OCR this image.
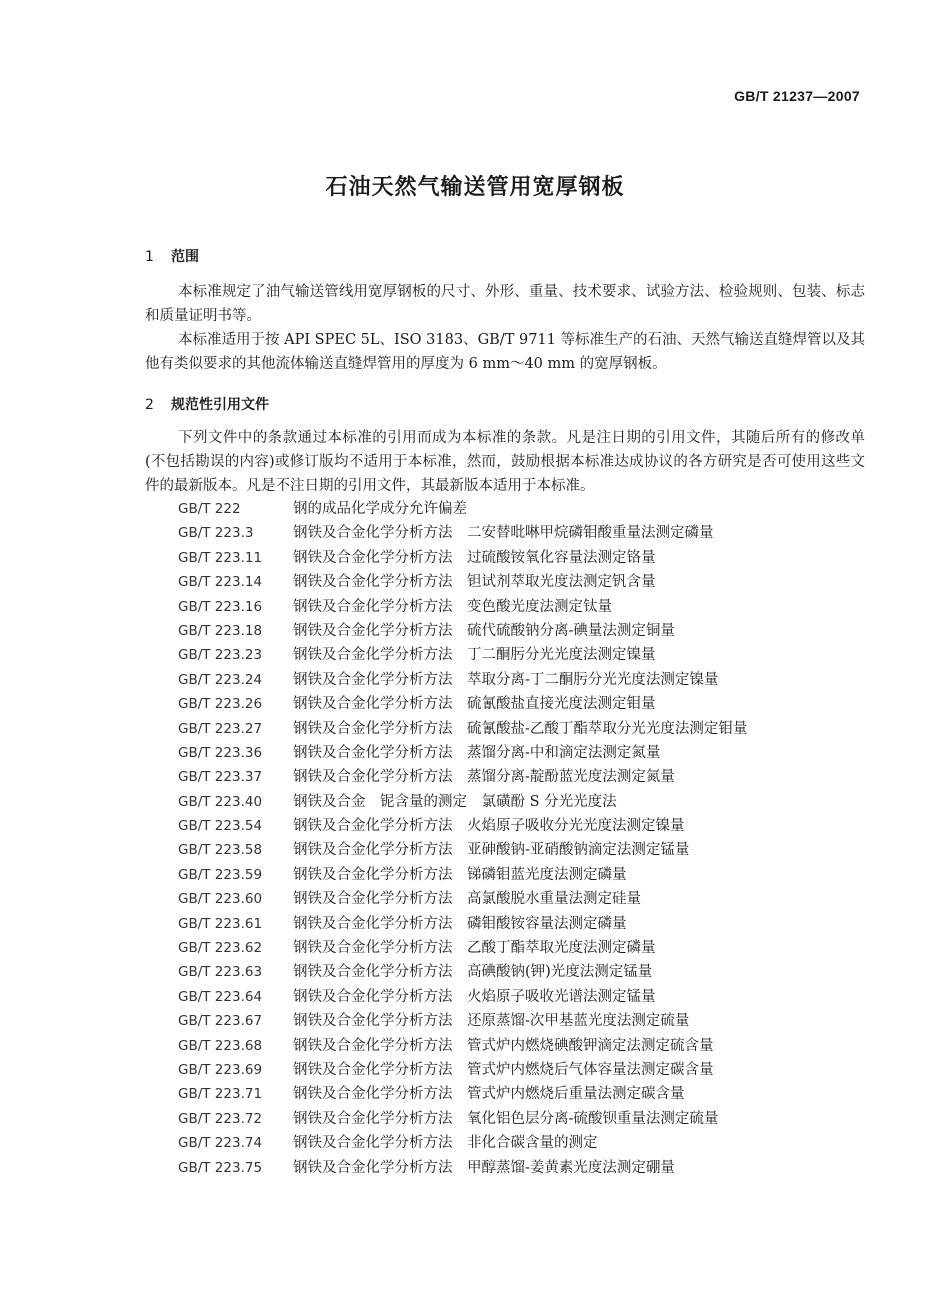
GB/T 21237—2007
石油天然气输送管用宽厚钢板
1 范围
本标准规定了油气输送管线用宽厚钢板的尺寸、外形、重量、技术要求、试验方法、检验规则、包装、标志和质量证明书等。
本标准适用于按 API SPEC 5L、ISO 3183、GB/T 9711 等标准生产的石油、天然气输送直缝焊管以及其他有类似要求的其他流体输送直缝焊管用的厚度为 6 mm～40 mm 的宽厚钢板。
2 规范性引用文件
下列文件中的条款通过本标准的引用而成为本标准的条款。凡是注日期的引用文件，其随后所有的修改单(不包括勘误的内容)或修订版均不适用于本标准，然而，鼓励根据本标准达成协议的各方研究是否可使用这些文件的最新版本。凡是不注日期的引用文件，其最新版本适用于本标准。
GB/T 222	钢的成品化学成分允许偏差
GB/T 223.3	钢铁及合金化学分析方法　二安替吡啉甲烷磷钼酸重量法测定磷量
GB/T 223.11 钢铁及合金化学分析方法　过硫酸铵氧化容量法测定铬量
GB/T 223.14 钢铁及合金化学分析方法　钽试剂萃取光度法测定钒含量
GB/T 223.16 钢铁及合金化学分析方法　变色酸光度法测定钛量
GB/T 223.18 钢铁及合金化学分析方法　硫代硫酸钠分离-碘量法测定铜量
GB/T 223.23 钢铁及合金化学分析方法　丁二酮肟分光光度法测定镍量
GB/T 223.24 钢铁及合金化学分析方法　萃取分离-丁二酮肟分光光度法测定镍量
GB/T 223.26 钢铁及合金化学分析方法　硫氰酸盐直接光度法测定钼量
GB/T 223.27 钢铁及合金化学分析方法　硫氰酸盐-乙酸丁酯萃取分光光度法测定钼量
GB/T 223.36 钢铁及合金化学分析方法　蒸馏分离-中和滴定法测定氮量
GB/T 223.37 钢铁及合金化学分析方法　蒸馏分离-靛酚蓝光度法测定氮量
GB/T 223.40 钢铁及合金　铌含量的测定　氯磺酚 S 分光光度法
GB/T 223.54 钢铁及合金化学分析方法　火焰原子吸收分光光度法测定镍量
GB/T 223.58 钢铁及合金化学分析方法　亚砷酸钠-亚硝酸钠滴定法测定锰量
GB/T 223.59 钢铁及合金化学分析方法　锑磷钼蓝光度法测定磷量
GB/T 223.60 钢铁及合金化学分析方法　高氯酸脱水重量法测定硅量
GB/T 223.61 钢铁及合金化学分析方法　磷钼酸铵容量法测定磷量
GB/T 223.62 钢铁及合金化学分析方法　乙酸丁酯萃取光度法测定磷量
GB/T 223.63 钢铁及合金化学分析方法　高碘酸钠(钾)光度法测定锰量
GB/T 223.64 钢铁及合金化学分析方法　火焰原子吸收光谱法测定锰量
GB/T 223.67 钢铁及合金化学分析方法　还原蒸馏-次甲基蓝光度法测定硫量
GB/T 223.68 钢铁及合金化学分析方法　管式炉内燃烧碘酸钾滴定法测定硫含量
GB/T 223.69 钢铁及合金化学分析方法　管式炉内燃烧后气体容量法测定碳含量
GB/T 223.71 钢铁及合金化学分析方法　管式炉内燃烧后重量法测定碳含量
GB/T 223.72 钢铁及合金化学分析方法　氧化铝色层分离-硫酸钡重量法测定硫量
GB/T 223.74 钢铁及合金化学分析方法　非化合碳含量的测定
GB/T 223.75 钢铁及合金化学分析方法　甲醇蒸馏-姜黄素光度法测定硼量
